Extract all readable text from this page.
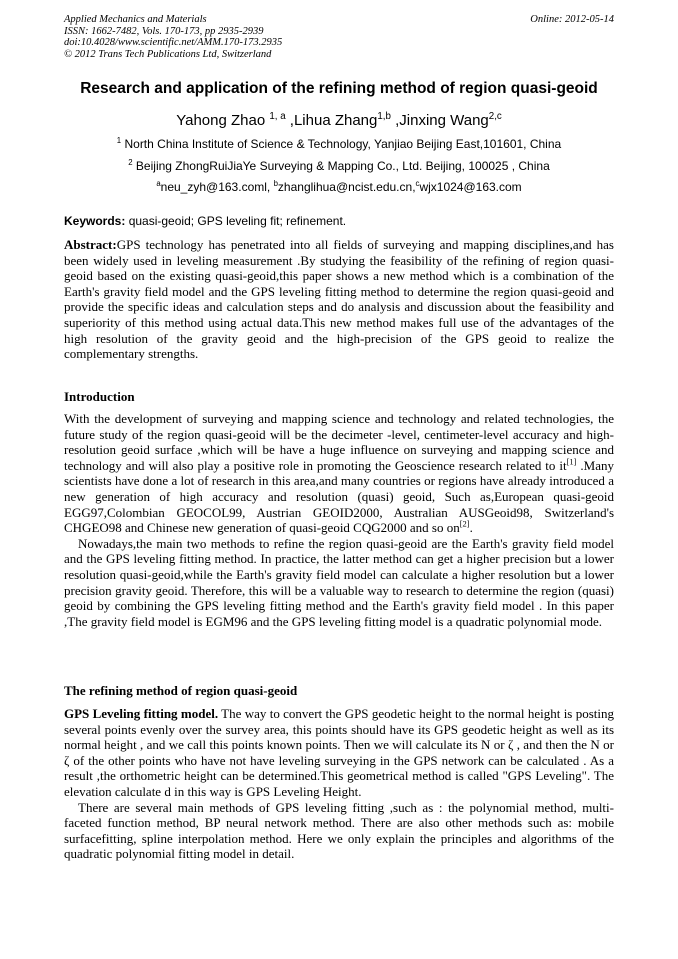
Applied Mechanics and Materials
ISSN: 1662-7482, Vols. 170-173, pp 2935-2939
doi:10.4028/www.scientific.net/AMM.170-173.2935
© 2012 Trans Tech Publications Ltd, Switzerland
Online: 2012-05-14
Research and application of the refining method of region quasi-geoid
Yahong Zhao $^{1, a}$ ,Lihua Zhang$^{1,b}$ ,Jinxing Wang$^{2,c}$
$^1$ North China Institute of Science & Technology, Yanjiao Beijing East,101601, China
$^2$ Beijing ZhongRuiJiaYe Surveying & Mapping Co., Ltd. Beijing, 100025 , China
$^a$neu_zyh@163.coml, $^b$zhanglihua@ncist.edu.cn,$^c$wjx1024@163.com
Keywords: quasi-geoid; GPS leveling fit; refinement.

Abstract:GPS technology has penetrated into all fields of surveying and mapping disciplines,and has been widely used in leveling measurement .By studying the feasibility of the refining of region quasi-geoid based on the existing quasi-geoid,this paper shows a new method which is a combination of the Earth's gravity field model and the GPS leveling fitting method to determine the region quasi-geoid and provide the specific ideas and calculation steps and do analysis and discussion about the feasibility and superiority of this method using actual data.This new method makes full use of the advantages of the high resolution of the gravity geoid and the high-precision of the GPS geoid to realize the complementary strengths.

Introduction

With the development of surveying and mapping science and technology and related technologies, the future study of the region quasi-geoid will be the decimeter -level, centimeter-level accuracy and high-resolution geoid surface ,which will be have a huge influence on surveying and mapping science and technology and will also play a positive role in promoting the Geoscience research related to it[1] .Many scientists have done a lot of research in this area,and many countries or regions have already introduced a new generation of high accuracy and resolution (quasi) geoid, Such as,European quasi-geoid EGG97,Colombian GEOCOL99, Austrian GEOID2000, Australian AUSGeoid98, Switzerland's CHGEO98 and Chinese new generation of quasi-geoid CQG2000 and so on[2].

Nowadays,the main two methods to refine the region quasi-geoid are the Earth's gravity field model and the GPS leveling fitting method. In practice, the latter method can get a higher precision but a lower resolution quasi-geoid,while the Earth's gravity field model can calculate a higher resolution but a lower precision gravity geoid. Therefore, this will be a valuable way to research to determine the region (quasi) geoid by combining the GPS leveling fitting method and the Earth's gravity field model . In this paper ,The gravity field model is EGM96 and the GPS leveling fitting model is a quadratic polynomial mode.

The refining method of region quasi-geoid

GPS Leveling fitting model. The way to convert the GPS geodetic height to the normal height is posting several points evenly over the survey area, this points should have its GPS geodetic height as well as its normal height , and we call this points known points. Then we will calculate its N or ζ , and then the N or ζ of the other points who have not have leveling surveying in the GPS network can be calculated . As a result ,the orthometric height can be determined.This geometrical method is called "GPS Leveling". The elevation calculate d in this way is GPS Leveling Height.

There are several main methods of GPS leveling fitting ,such as : the polynomial method, multi-faceted function method, BP neural network method. There are also other methods such as: mobile surfacefitting, spline interpolation method. Here we only explain the principles and algorithms of the quadratic polynomial fitting model in detail.
